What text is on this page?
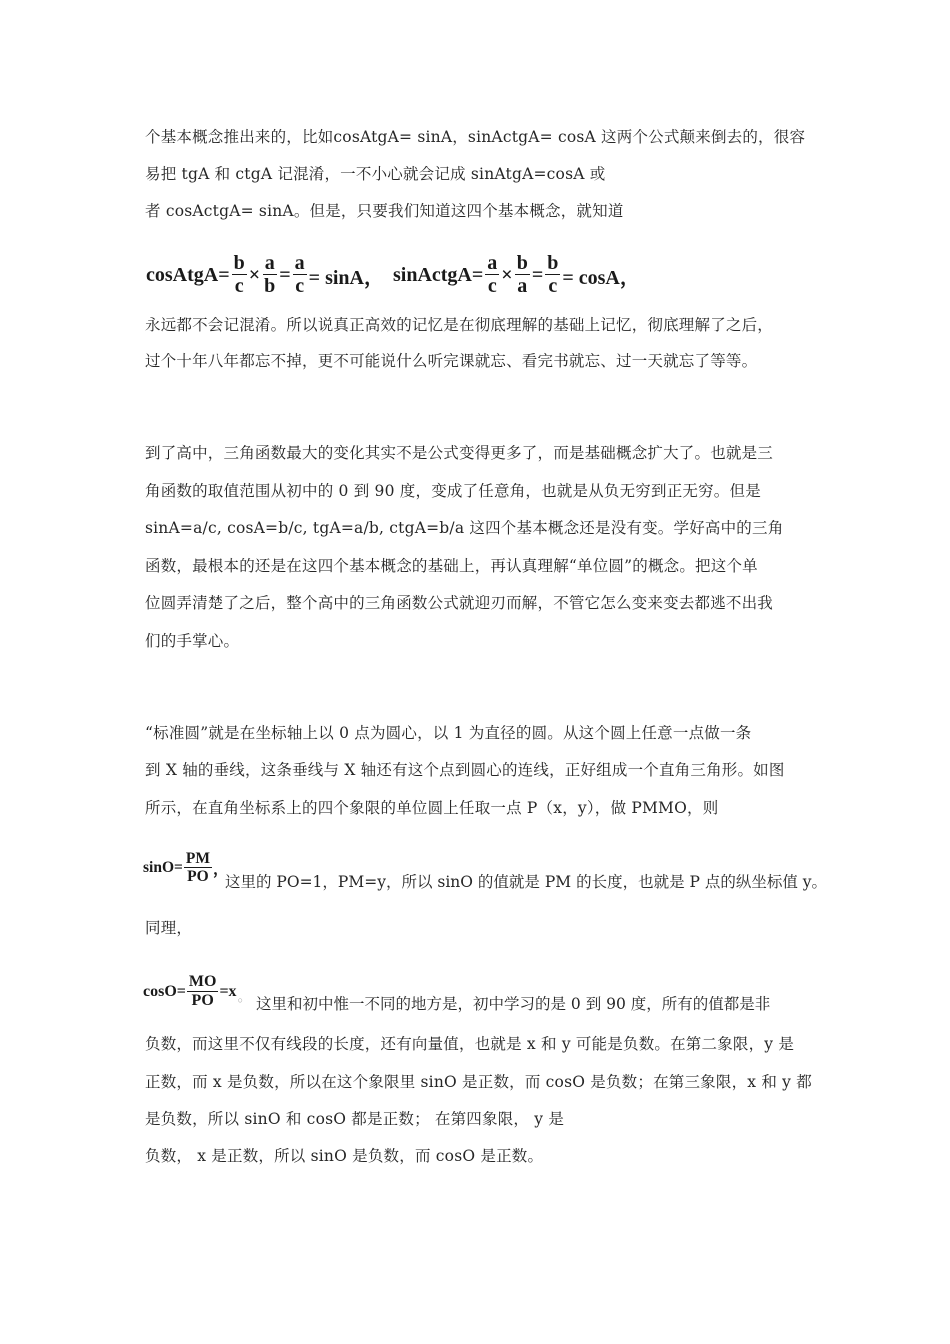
个基本概念推出来的，比如cosAtgA= sinA，sinActgA= cosA 这两个公式颠来倒去的，很容
易把 tgA 和 ctgA 记混淆，一不小心就会记成 sinAtgA=cosA 或
者 cosActgA= sinA。但是，只要我们知道这四个基本概念，就知道
cosAtgA= $\frac{b}{c} \times \frac{a}{b} = \frac{a}{c} = \sin A$， sinActgA= $\frac{a}{c} \times \frac{b}{a} = \frac{b}{c} = \cos A$，
永远都不会记混淆。所以说真正高效的记忆是在彻底理解的基础上记忆，彻底理解了之后，
过个十年八年都忘不掉，更不可能说什么听完课就忘、看完书就忘、过一天就忘了等等。
到了高中，三角函数最大的变化其实不是公式变得更多了，而是基础概念扩大了。也就是三
角函数的取值范围从初中的 0 到 90 度，变成了任意角，也就是从负无穷到正无穷。但是
sinA=a/c, cosA=b/c, tgA=a/b, ctgA=b/a 这四个基本概念还是没有变。学好高中的三角
函数，最根本的还是在这四个基本概念的基础上，再认真理解“单位圆”的概念。把这个单
位圆弄清楚了之后，整个高中的三角函数公式就迎刃而解，不管它怎么变来变去都逃不出我
们的手掌心。
“标准圆”就是在坐标轴上以 0 点为圆心，以 1 为直径的圆。从这个圆上任意一点做一条
到 X 轴的垂线，这条垂线与 X 轴还有这个点到圆心的连线，正好组成一个直角三角形。如图
所示，在直角坐标系上的四个象限的单位圆上任取一点 P（x，y），做 PMMO，则
$\sin O= \frac{PM}{PO}$ ，
这里的 PO=1，PM=y，所以 sinO 的值就是 PM 的长度，也就是 P 点的纵坐标值 y。
同理，
$\cos O= \frac{MO}{PO} =x$
○ 这里和初中惟一不同的地方是，初中学习的是 0 到 90 度，所有的值都是非
负数，而这里不仅有线段的长度，还有向量值，也就是 x 和 y 可能是负数。在第二象限，y 是
正数，而 x 是负数，所以在这个象限里 sinO 是正数，而 cosO 是负数；在第三象限，x 和 y 都
是负数，所以 sinO 和 cosO 都是正数； 在第四象限， y 是
负数， x 是正数，所以 sinO 是负数，而 cosO 是正数。
